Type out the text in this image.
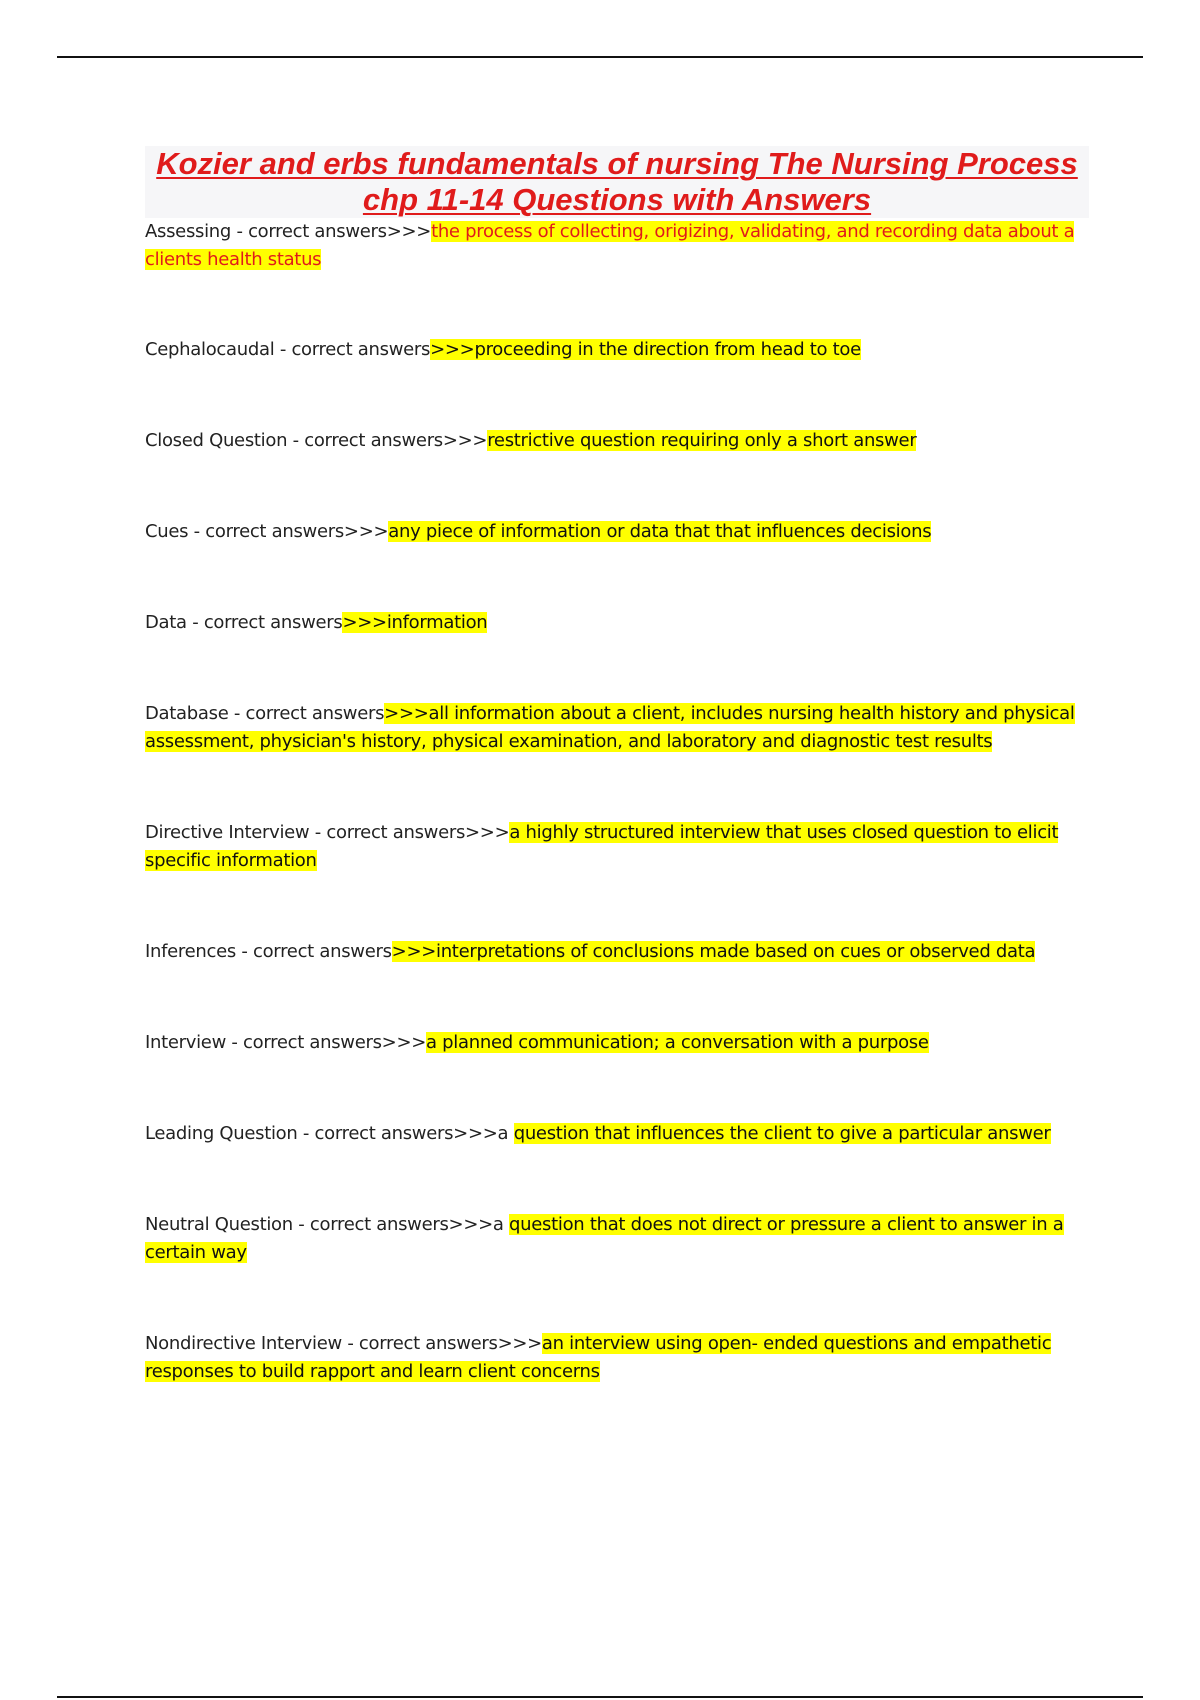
Kozier and erbs fundamentals of nursing The Nursing Process chp 11-14 Questions with Answers

Assessing - correct answers>>>the process of collecting, origizing, validating, and recording data about a clients health status

Cephalocaudal - correct answers>>>proceeding in the direction from head to toe

Closed Question - correct answers>>>restrictive question requiring only a short answer

Cues - correct answers>>>any piece of information or data that that influences decisions

Data - correct answers>>>information

Database - correct answers>>>all information about a client, includes nursing health history and physical assessment, physician's history, physical examination, and laboratory and diagnostic test results

Directive Interview - correct answers>>>a highly structured interview that uses closed question to elicit specific information

Inferences - correct answers>>>interpretations of conclusions made based on cues or observed data

Interview - correct answers>>>a planned communication; a conversation with a purpose

Leading Question - correct answers>>>a question that influences the client to give a particular answer

Neutral Question - correct answers>>>a question that does not direct or pressure a client to answer in a certain way

Nondirective Interview - correct answers>>>an interview using open- ended questions and empathetic responses to build rapport and learn client concerns
